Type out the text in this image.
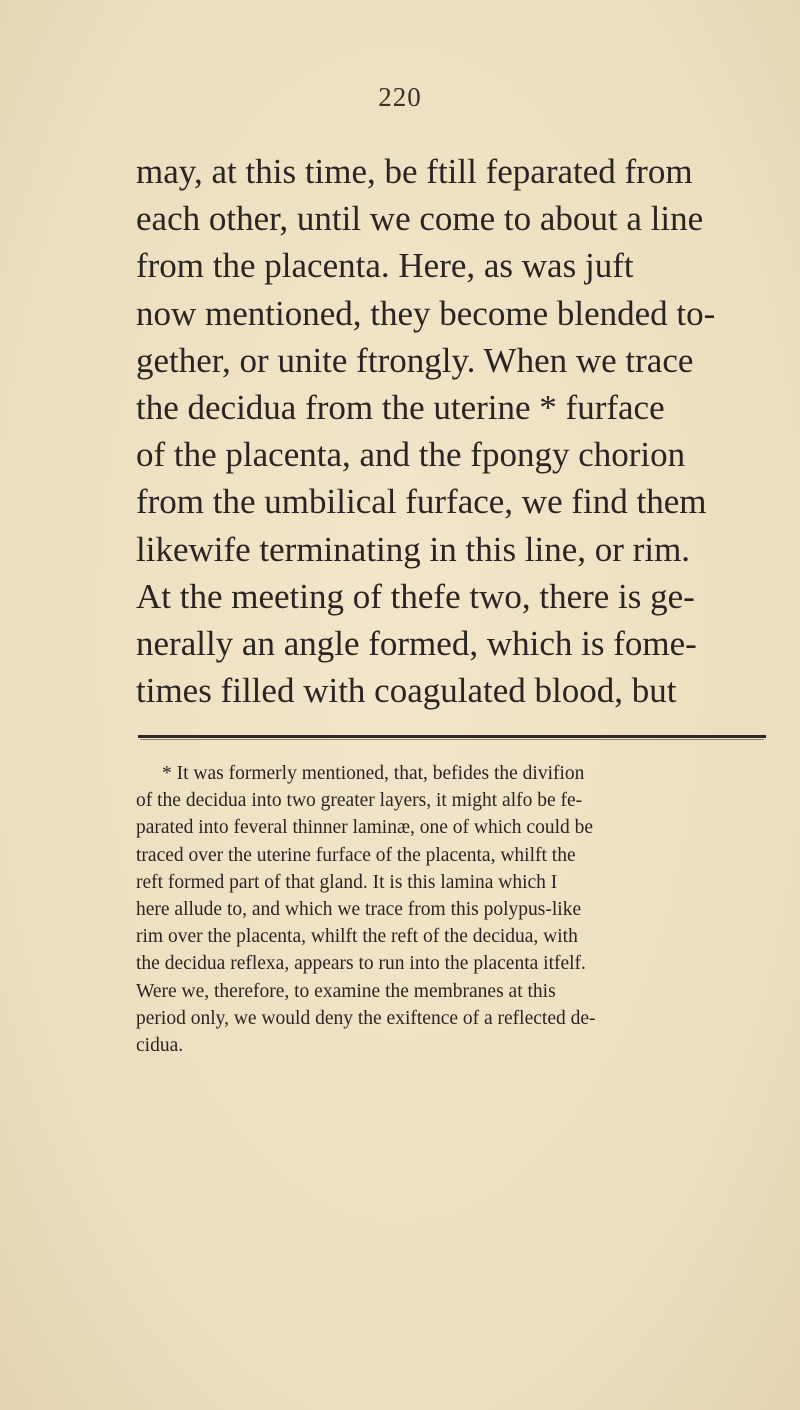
220
may, at this time, be ftill feparated from
each other, until we come to about a line
from the placenta. Here, as was juft
now mentioned, they become blended to-
gether, or unite ftrongly. When we trace
the decidua from the uterine * furface
of the placenta, and the fpongy chorion
from the umbilical furface, we find them
likewife terminating in this line, or rim.
At the meeting of thefe two, there is ge-
nerally an angle formed, which is fome-
times filled with coagulated blood, but
* It was formerly mentioned, that, befides the divifion
of the decidua into two greater layers, it might alfo be fe-
parated into feveral thinner laminæ, one of which could be
traced over the uterine furface of the placenta, whilft the
reft formed part of that gland. It is this lamina which I
here allude to, and which we trace from this polypus-like
rim over the placenta, whilft the reft of the decidua, with
the decidua reflexa, appears to run into the placenta itfelf.
Were we, therefore, to examine the membranes at this
period only, we would deny the exiftence of a reflected de-
cidua.
